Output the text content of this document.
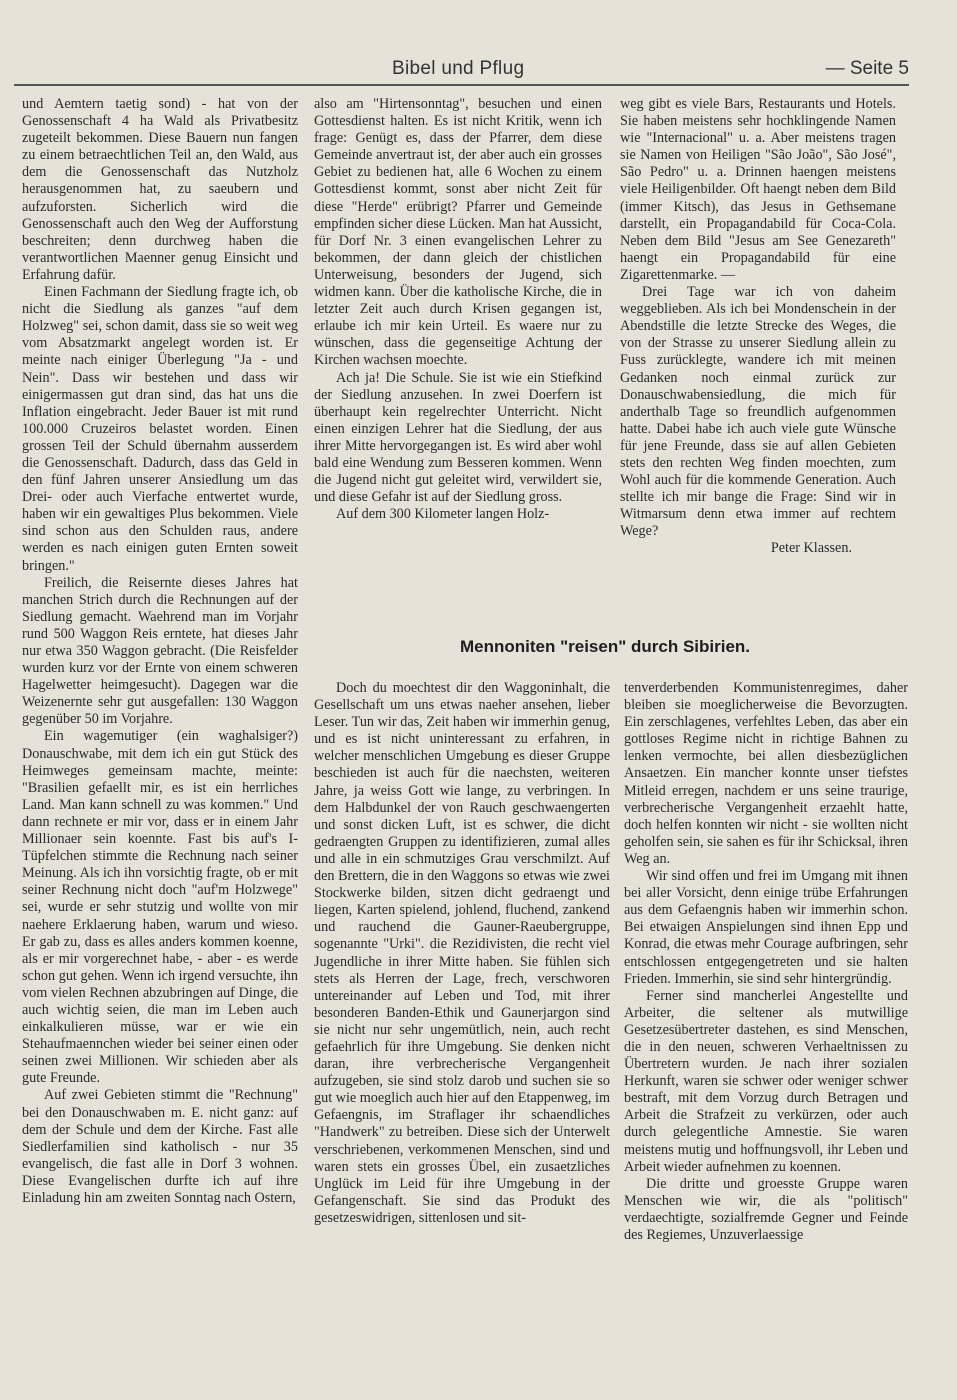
Bibel und Pflug	— Seite 5

und Aemtern taetig sond) - hat von der Genossenschaft 4 ha Wald als Privatbesitz zugeteilt bekommen. Diese Bauern nun fangen zu einem betraechtlichen Teil an, den Wald, aus dem die Genossenschaft das Nutzholz herausgenommen hat, zu saeubern und aufzuforsten. Sicherlich wird die Genossenschaft auch den Weg der Aufforstung beschreiten; denn durchweg haben die verantwortlichen Maenner genug Einsicht und Erfahrung dafür.

Einen Fachmann der Siedlung fragte ich, ob nicht die Siedlung als ganzes "auf dem Holzweg" sei, schon damit, dass sie so weit weg vom Absatzmarkt angelegt worden ist. Er meinte nach einiger Überlegung "Ja - und Nein". Dass wir bestehen und dass wir einigermassen gut dran sind, das hat uns die Inflation eingebracht. Jeder Bauer ist mit rund 100.000 Cruzeiros belastet worden. Einen grossen Teil der Schuld übernahm ausserdem die Genossenschaft. Dadurch, dass das Geld in den fünf Jahren unserer Ansiedlung um das Drei- oder auch Vierfache entwertet wurde, haben wir ein gewaltiges Plus bekommen. Viele sind schon aus den Schulden raus, andere werden es nach einigen guten Ernten soweit bringen."

Freilich, die Reisernte dieses Jahres hat manchen Strich durch die Rechnungen auf der Siedlung gemacht. Waehrend man im Vorjahr rund 500 Waggon Reis erntete, hat dieses Jahr nur etwa 350 Waggon gebracht. (Die Reisfelder wurden kurz vor der Ernte von einem schweren Hagelwetter heimgesucht). Dagegen war die Weizenernte sehr gut ausgefallen: 130 Waggon gegenüber 50 im Vorjahre.

Ein wagemutiger (ein waghalsiger?) Donauschwabe, mit dem ich ein gut Stück des Heimweges gemeinsam machte, meinte: "Brasilien gefaellt mir, es ist ein herrliches Land. Man kann schnell zu was kommen." Und dann rechnete er mir vor, dass er in einem Jahr Millionaer sein koennte. Fast bis auf's I-Tüpfelchen stimmte die Rechnung nach seiner Meinung. Als ich ihn vorsichtig fragte, ob er mit seiner Rechnung nicht doch "auf'm Holzwege" sei, wurde er sehr stutzig und wollte von mir naehere Erklaerung haben, warum und wieso. Er gab zu, dass es alles anders kommen koenne, als er mir vorgerechnet habe, - aber - es werde schon gut gehen. Wenn ich irgend versuchte, ihn vom vielen Rechnen abzubringen auf Dinge, die auch wichtig seien, die man im Leben auch einkalkulieren müsse, war er wie ein Stehaufmaennchen wieder bei seiner einen oder seinen zwei Millionen. Wir schieden aber als gute Freunde.

Auf zwei Gebieten stimmt die "Rechnung" bei den Donauschwaben m. E. nicht ganz: auf dem der Schule und dem der Kirche. Fast alle Siedlerfamilien sind katholisch - nur 35 evangelisch, die fast alle in Dorf 3 wohnen. Diese Evangelischen durfte ich auf ihre Einladung hin am zweiten Sonntag nach Ostern,

also am "Hirtensonntag", besuchen und einen Gottesdienst halten. Es ist nicht Kritik, wenn ich frage: Genügt es, dass der Pfarrer, dem diese Gemeinde anvertraut ist, der aber auch ein grosses Gebiet zu bedienen hat, alle 6 Wochen zu einem Gottesdienst kommt, sonst aber nicht Zeit für diese "Herde" erübrigt? Pfarrer und Gemeinde empfinden sicher diese Lücken. Man hat Aussicht, für Dorf Nr. 3 einen evangelischen Lehrer zu bekommen, der dann gleich der chistlichen Unterweisung, besonders der Jugend, sich widmen kann. Über die katholische Kirche, die in letzter Zeit auch durch Krisen gegangen ist, erlaube ich mir kein Urteil. Es waere nur zu wünschen, dass die gegenseitige Achtung der Kirchen wachsen moechte.

Ach ja! Die Schule. Sie ist wie ein Stiefkind der Siedlung anzusehen. In zwei Doerfern ist überhaupt kein regelrechter Unterricht. Nicht einen einzigen Lehrer hat die Siedlung, der aus ihrer Mitte hervorgegangen ist. Es wird aber wohl bald eine Wendung zum Besseren kommen. Wenn die Jugend nicht gut geleitet wird, verwildert sie, und diese Gefahr ist auf der Siedlung gross.

Auf dem 300 Kilometer langen Holz-

weg gibt es viele Bars, Restaurants und Hotels. Sie haben meistens sehr hochklingende Namen wie "Internacional" u. a. Aber meistens tragen sie Namen von Heiligen "São João", São José", São Pedro" u. a. Drinnen haengen meistens viele Heiligenbilder. Oft haengt neben dem Bild (immer Kitsch), das Jesus in Gethsemane darstellt, ein Propagandabild für Coca-Cola. Neben dem Bild "Jesus am See Genezareth" haengt ein Propagandabild für eine Zigarettenmarke. —

Drei Tage war ich von daheim weggeblieben. Als ich bei Mondenschein in der Abendstille die letzte Strecke des Weges, die von der Strasse zu unserer Siedlung allein zu Fuss zurücklegte, wandere ich mit meinen Gedanken noch einmal zurück zur Donauschwabensiedlung, die mich für anderthalb Tage so freundlich aufgenommen hatte. Dabei habe ich auch viele gute Wünsche für jene Freunde, dass sie auf allen Gebieten stets den rechten Weg finden moechten, zum Wohl auch für die kommende Generation. Auch stellte ich mir bange die Frage: Sind wir in Witmarsum denn etwa immer auf rechtem Wege?

Peter Klassen.

Mennoniten "reisen" durch Sibirien.

Doch du moechtest dir den Waggoninhalt, die Gesellschaft um uns etwas naeher ansehen, lieber Leser. Tun wir das, Zeit haben wir immerhin genug, und es ist nicht uninteressant zu erfahren, in welcher menschlichen Umgebung es dieser Gruppe beschieden ist auch für die naechsten, weiteren Jahre, ja weiss Gott wie lange, zu verbringen. In dem Halbdunkel der von Rauch geschwaengerten und sonst dicken Luft, ist es schwer, die dicht gedraengten Gruppen zu identifizieren, zumal alles und alle in ein schmutziges Grau verschmilzt. Auf den Brettern, die in den Waggons so etwas wie zwei Stockwerke bilden, sitzen dicht gedraengt und liegen, Karten spielend, johlend, fluchend, zankend und rauchend die Gauner-Raeubergruppe, sogenannte "Urki". die Rezidivisten, die recht viel Jugendliche in ihrer Mitte haben. Sie fühlen sich stets als Herren der Lage, frech, verschworen untereinander auf Leben und Tod, mit ihrer besonderen Banden-Ethik und Gaunerjargon sind sie nicht nur sehr ungemütlich, nein, auch recht gefaehrlich für ihre Umgebung. Sie denken nicht daran, ihre verbrecherische Vergangenheit aufzugeben, sie sind stolz darob und suchen sie so gut wie moeglich auch hier auf den Etappenweg, im Gefaengnis, im Straflager ihr schaendliches "Handwerk" zu betreiben. Diese sich der Unterwelt verschriebenen, verkommenen Menschen, sind und waren stets ein grosses Übel, ein zusaetzliches Unglück im Leid für ihre Umgebung in der Gefangenschaft. Sie sind das Produkt des gesetzeswidrigen, sittenlosen und sit-

tenverderbenden Kommunistenregimes, daher bleiben sie moeglicherweise die Bevorzugten. Ein zerschlagenes, verfehltes Leben, das aber ein gottloses Regime nicht in richtige Bahnen zu lenken vermochte, bei allen diesbezüglichen Ansaetzen. Ein mancher konnte unser tiefstes Mitleid erregen, nachdem er uns seine traurige, verbrecherische Vergangenheit erzaehlt hatte, doch helfen konnten wir nicht - sie wollten nicht geholfen sein, sie sahen es für ihr Schicksal, ihren Weg an.

Wir sind offen und frei im Umgang mit ihnen bei aller Vorsicht, denn einige trübe Erfahrungen aus dem Gefaengnis haben wir immerhin schon. Bei etwaigen Anspielungen sind ihnen Epp und Konrad, die etwas mehr Courage aufbringen, sehr entschlossen entgegengetreten und sie halten Frieden. Immerhin, sie sind sehr hintergründig.

Ferner sind mancherlei Angestellte und Arbeiter, die seltener als mutwillige Gesetzesübertreter dastehen, es sind Menschen, die in den neuen, schweren Verhaeltnissen zu Übertretern wurden. Je nach ihrer sozialen Herkunft, waren sie schwer oder weniger schwer bestraft, mit dem Vorzug durch Betragen und Arbeit die Strafzeit zu verkürzen, oder auch durch gelegentliche Amnestie. Sie waren meistens mutig und hoffnungsvoll, ihr Leben und Arbeit wieder aufnehmen zu koennen.

Die dritte und groesste Gruppe waren Menschen wie wir, die als "politisch" verdaechtigte, sozialfremde Gegner und Feinde des Regiemes, Unzuverlaessige
